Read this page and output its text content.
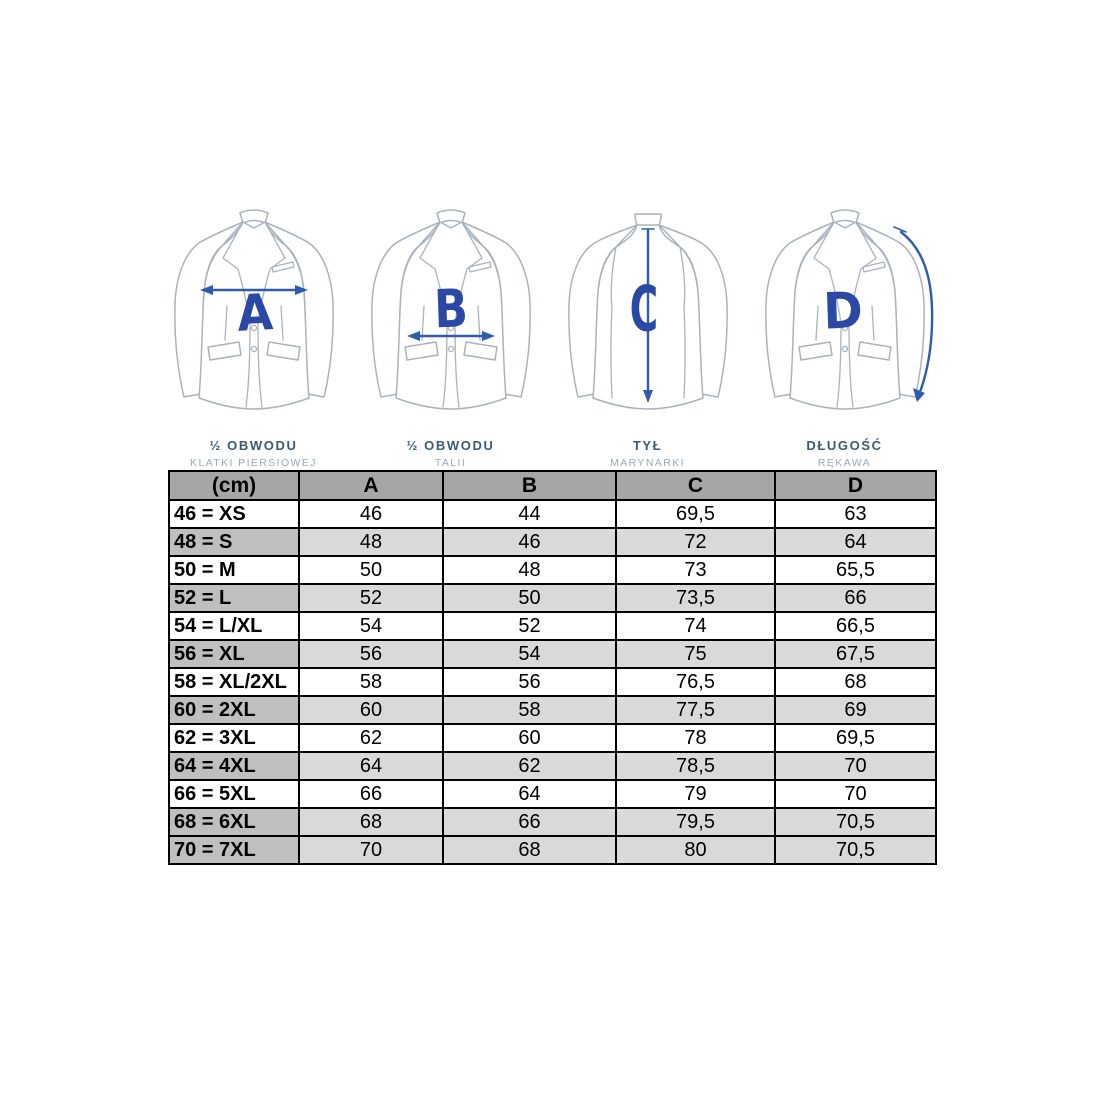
A
½ OBWODU
KLATKI PIERSIOWEJ
B
½ OBWODU
TALII
C
TYŁ
MARYNARKI
D
DŁUGOŚĆ
RĘKAWA
(cm)	A	B	C	D
46 = XS	46	44	69,5	63
48 = S	48	46	72	64
50 = M	50	48	73	65,5
52 = L	52	50	73,5	66
54 = L/XL	54	52	74	66,5
56 = XL	56	54	75	67,5
58 = XL/2XL	58	56	76,5	68
60 = 2XL	60	58	77,5	69
62 = 3XL	62	60	78	69,5
64 = 4XL	64	62	78,5	70
66 = 5XL	66	64	79	70
68 = 6XL	68	66	79,5	70,5
70 = 7XL	70	68	80	70,5
